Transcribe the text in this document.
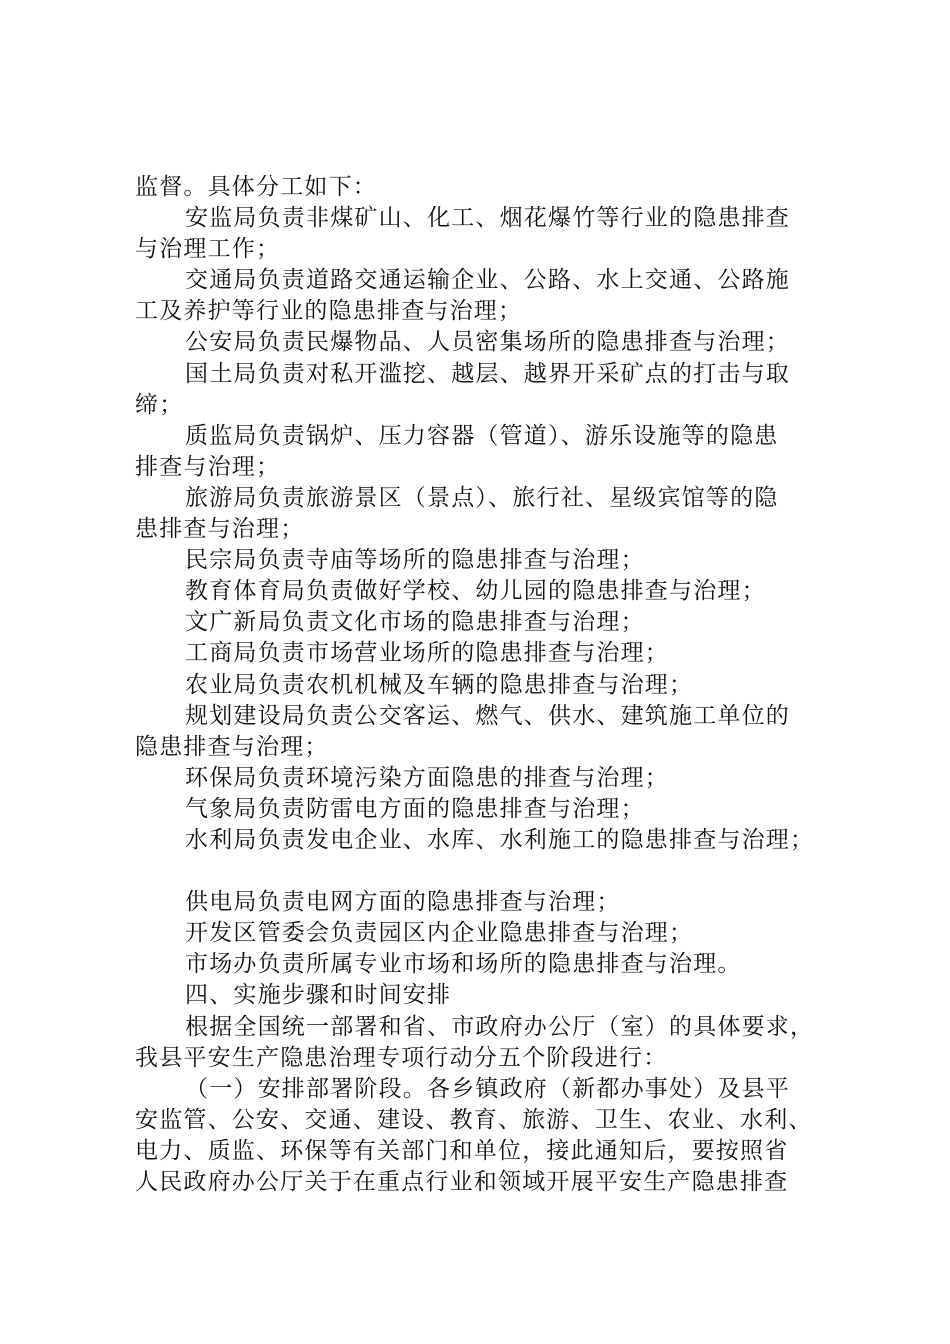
监督。具体分工如下：
安监局负责非煤矿山、化工、烟花爆竹等行业的隐患排查
与治理工作；
交通局负责道路交通运输企业、公路、水上交通、公路施
工及养护等行业的隐患排查与治理；
公安局负责民爆物品、人员密集场所的隐患排查与治理；
国土局负责对私开滥挖、越层、越界开采矿点的打击与取
缔；
质监局负责锅炉、压力容器（管道）、游乐设施等的隐患
排查与治理；
旅游局负责旅游景区（景点）、旅行社、星级宾馆等的隐
患排查与治理；
民宗局负责寺庙等场所的隐患排查与治理；
教育体育局负责做好学校、幼儿园的隐患排查与治理；
文广新局负责文化市场的隐患排查与治理；
工商局负责市场营业场所的隐患排查与治理；
农业局负责农机机械及车辆的隐患排查与治理；
规划建设局负责公交客运、燃气、供水、建筑施工单位的
隐患排查与治理；
环保局负责环境污染方面隐患的排查与治理；
气象局负责防雷电方面的隐患排查与治理；
水利局负责发电企业、水库、水利施工的隐患排查与治理；
供电局负责电网方面的隐患排查与治理；
开发区管委会负责园区内企业隐患排查与治理；
市场办负责所属专业市场和场所的隐患排查与治理。
四、实施步骤和时间安排
根据全国统一部署和省、市政府办公厅（室）的具体要求，
我县平安生产隐患治理专项行动分五个阶段进行：
（一）安排部署阶段。各乡镇政府（新都办事处）及县平
安监管、公安、交通、建设、教育、旅游、卫生、农业、水利、
电力、质监、环保等有关部门和单位，接此通知后，要按照省
人民政府办公厅关于在重点行业和领域开展平安生产隐患排查
